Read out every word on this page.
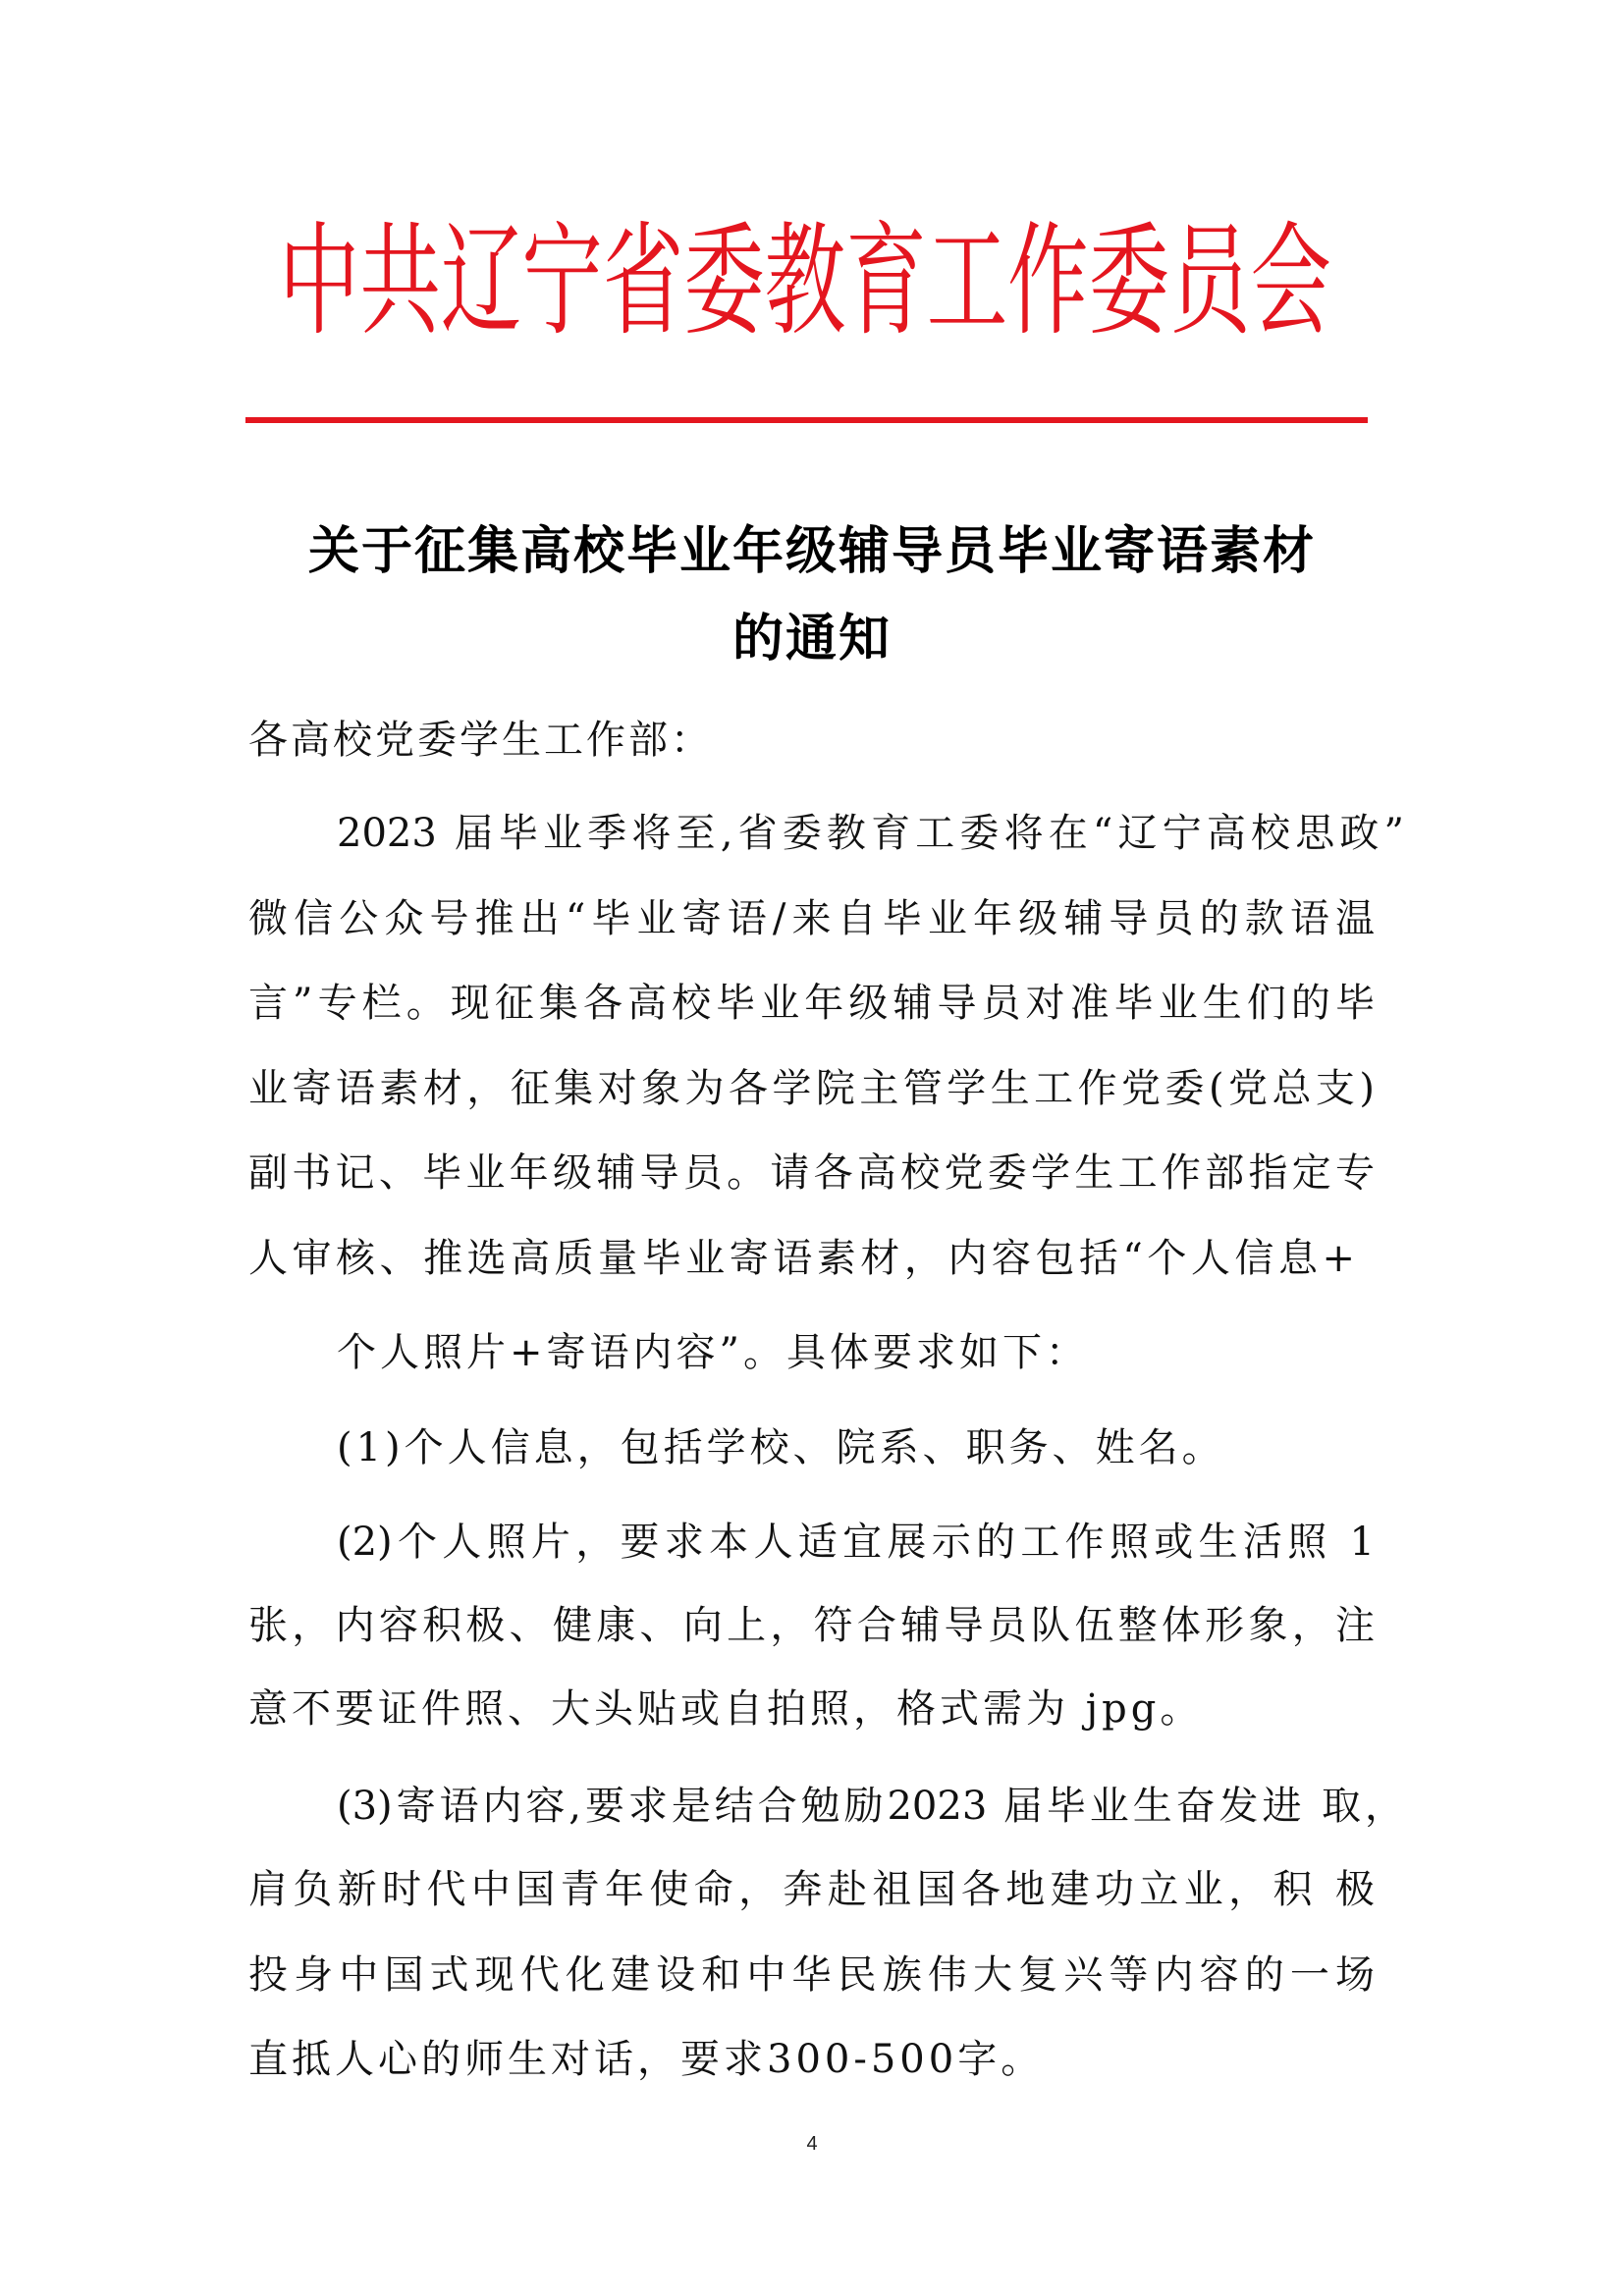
中共辽宁省委教育工作委员会
关于征集高校毕业年级辅导员毕业寄语素材
的通知
各高校党委学生工作部：
2023 届毕业季将至,省委教育工委将在“辽宁高校思政”
微信公众号推出“毕业寄语/来自毕业年级辅导员的款语温
言”专栏。现征集各高校毕业年级辅导员对准毕业生们的毕
业寄语素材，征集对象为各学院主管学生工作党委(党总支)
副书记、毕业年级辅导员。请各高校党委学生工作部指定专
人审核、推选高质量毕业寄语素材，内容包括“个人信息+
个人照片+寄语内容”。具体要求如下：
(1)个人信息，包括学校、院系、职务、姓名。
(2)个人照片，要求本人适宜展示的工作照或生活照 1
张，内容积极、健康、向上，符合辅导员队伍整体形象，注
意不要证件照、大头贴或自拍照，格式需为 jpg。
(3)寄语内容,要求是结合勉励2023 届毕业生奋发进 取，
肩负新时代中国青年使命，奔赴祖国各地建功立业，积 极
投身中国式现代化建设和中华民族伟大复兴等内容的一场
直抵人心的师生对话，要求300-500字。
4
